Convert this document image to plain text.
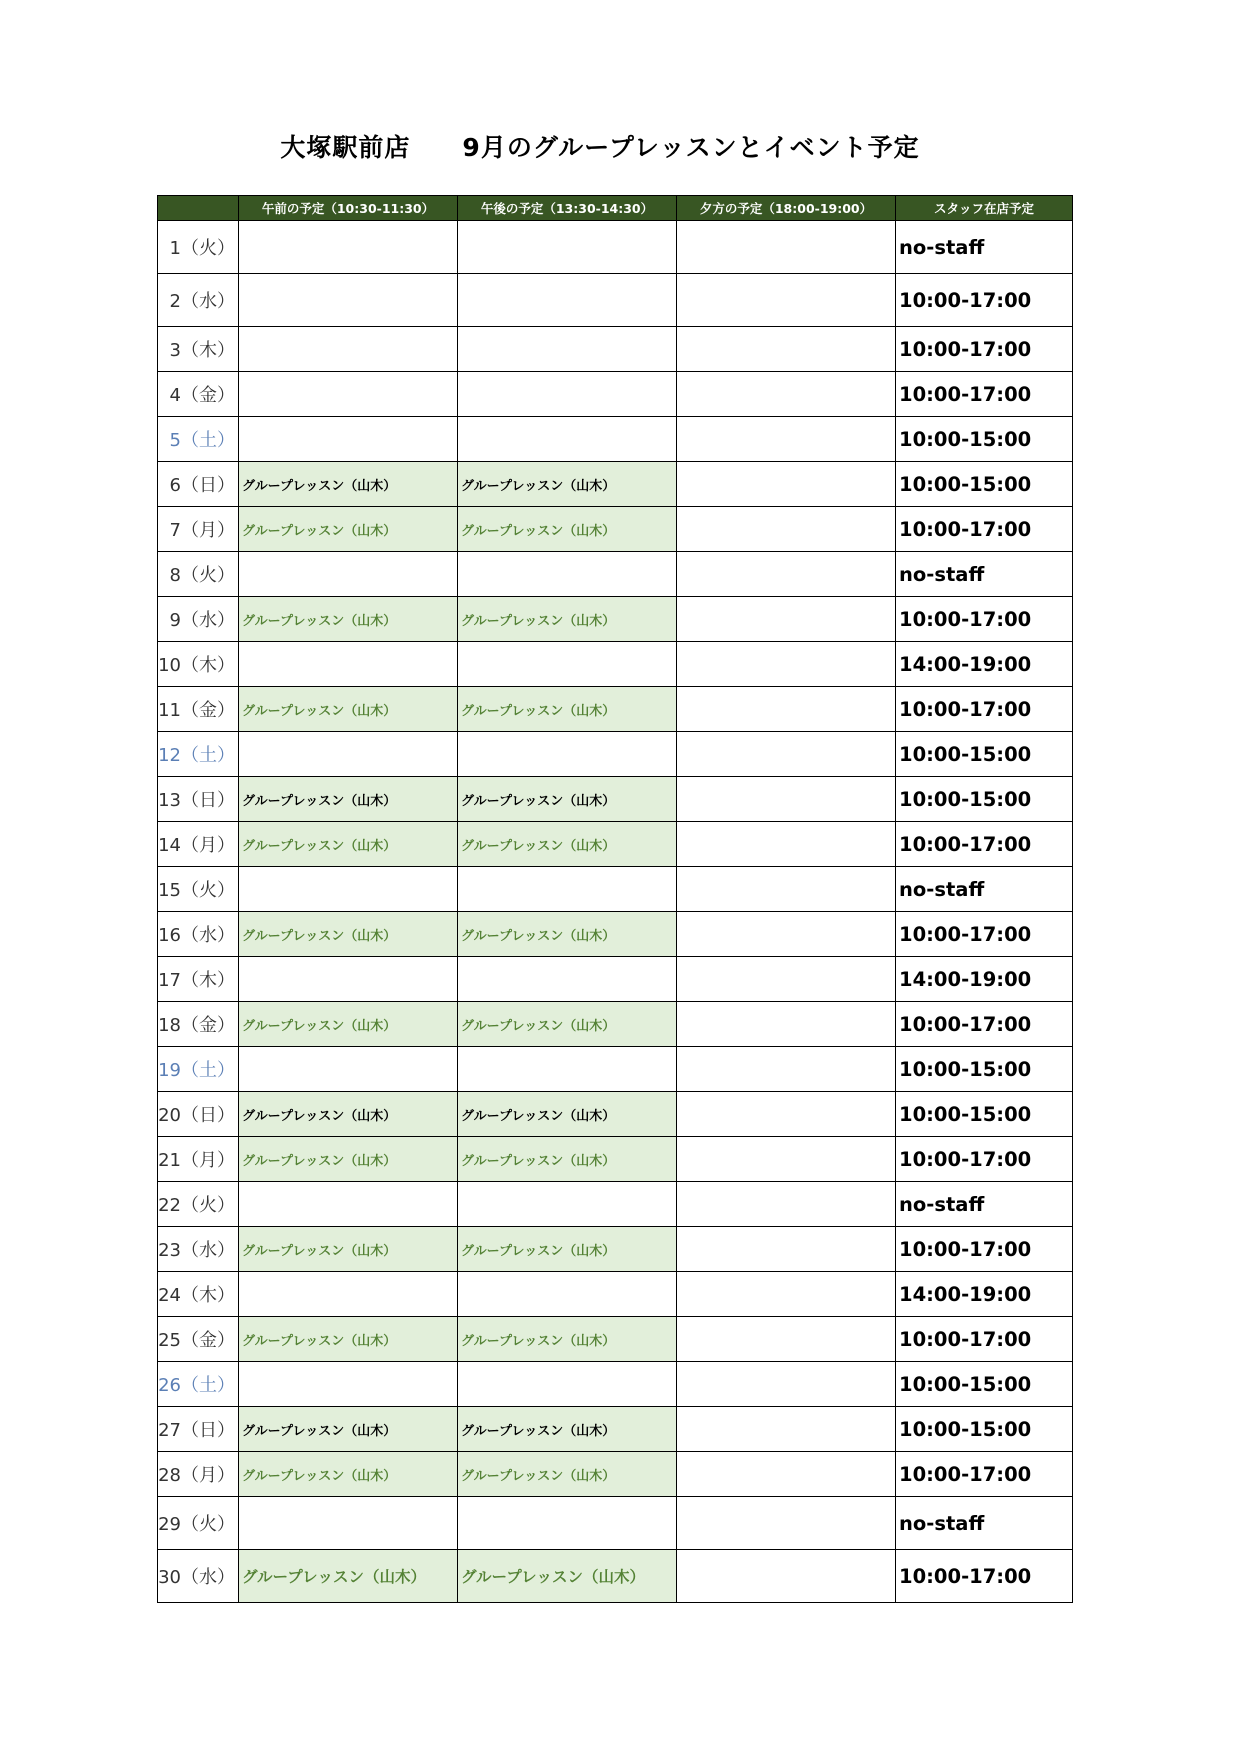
大塚駅前店 9月のグループレッスンとイベント予定
	午前の予定（10:30-11:30）	午後の予定（13:30-14:30）	夕方の予定（18:00-19:00）	スタッフ在店予定
1（火）				no-staff
2（水）				10:00-17:00
3（木）				10:00-17:00
4（金）				10:00-17:00
5（土）				10:00-15:00
6（日）	グループレッスン（山木）	グループレッスン（山木）		10:00-15:00
7（月）	グループレッスン（山木）	グループレッスン（山木）		10:00-17:00
8（火）				no-staff
9（水）	グループレッスン（山木）	グループレッスン（山木）		10:00-17:00
10（木）				14:00-19:00
11（金）	グループレッスン（山木）	グループレッスン（山木）		10:00-17:00
12（土）				10:00-15:00
13（日）	グループレッスン（山木）	グループレッスン（山木）		10:00-15:00
14（月）	グループレッスン（山木）	グループレッスン（山木）		10:00-17:00
15（火）				no-staff
16（水）	グループレッスン（山木）	グループレッスン（山木）		10:00-17:00
17（木）				14:00-19:00
18（金）	グループレッスン（山木）	グループレッスン（山木）		10:00-17:00
19（土）				10:00-15:00
20（日）	グループレッスン（山木）	グループレッスン（山木）		10:00-15:00
21（月）	グループレッスン（山木）	グループレッスン（山木）		10:00-17:00
22（火）				no-staff
23（水）	グループレッスン（山木）	グループレッスン（山木）		10:00-17:00
24（木）				14:00-19:00
25（金）	グループレッスン（山木）	グループレッスン（山木）		10:00-17:00
26（土）				10:00-15:00
27（日）	グループレッスン（山木）	グループレッスン（山木）		10:00-15:00
28（月）	グループレッスン（山木）	グループレッスン（山木）		10:00-17:00
29（火）				no-staff
30（水）	グループレッスン（山木）	グループレッスン（山木）		10:00-17:00
